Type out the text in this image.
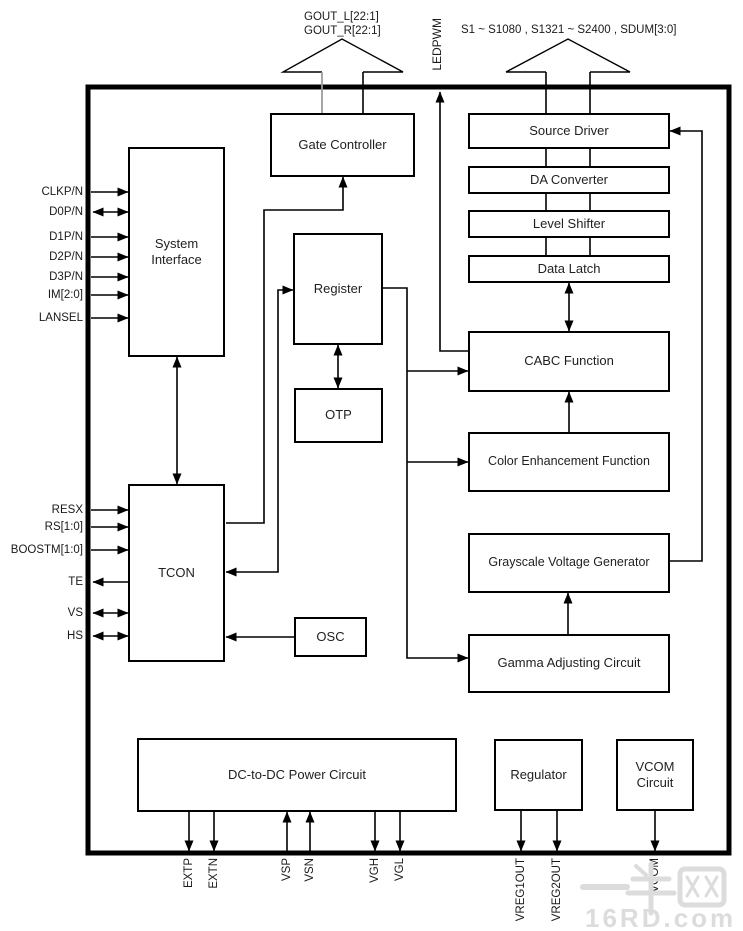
GOUT_L[22:1]
GOUT_R[22:1]	S1 ~ S1080 , S1321 ~ S2400 , SDUM[3:0]
LEDPWM
Gate Controller
System Interface
Register
OTP
TCON
OSC
Source Driver
DA Converter
Level Shifter
Data Latch
CABC Function
Color Enhancement Function
Grayscale Voltage Generator
Gamma Adjusting Circuit
DC-to-DC Power Circuit	Regulator
VCOM Circuit
CLKP/N
D0P/N
D1P/N
D2P/N
D3P/N
IM[2:0]
LANSEL
RESX
RS[1:0]
BOOSTM[1:0]
TE
VS
HS
EXTP EXTN	VSP VSN	VGH VGL	VREG1OUT VREG2OUT	VCOM
16RD.com
